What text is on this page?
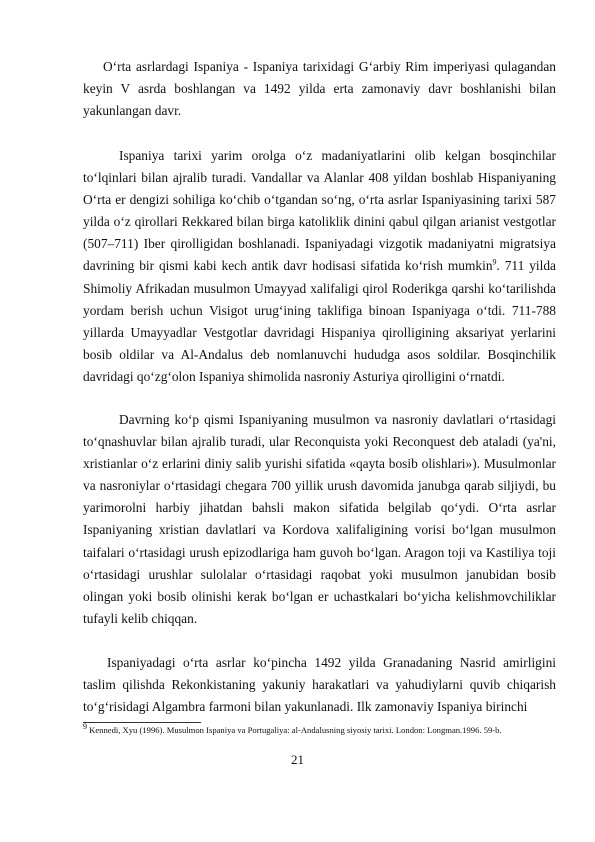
O‘rta asrlardagi Ispaniya - Ispaniya tarixidagi G‘arbiy Rim imperiyasi qulagandan keyin V asrda boshlangan va 1492 yilda erta zamonaviy davr boshlanishi bilan yakunlangan davr.

Ispaniya tarixi yarim orolga o‘z madaniyatlarini olib kelgan bosqinchilar to‘lqinlari bilan ajralib turadi. Vandallar va Alanlar 408 yildan boshlab Hispaniyaning O‘rta er dengizi sohiliga ko‘chib o‘tgandan so‘ng, o‘rta asrlar Ispaniyasining tarixi 587 yilda o‘z qirollari Rekkared bilan birga katoliklik dinini qabul qilgan arianist vestgotlar (507–711) Iber qirolligidan boshlanadi. Ispaniyadagi vizgotik madaniyatni migratsiya davrining bir qismi kabi kech antik davr hodisasi sifatida ko‘rish mumkin$^9$. 711 yilda Shimoliy Afrikadan musulmon Umayyad xalifaligi qirol Roderikga qarshi ko‘tarilishda yordam berish uchun Visigot urug‘ining taklifiga binoan Ispaniyaga o‘tdi. 711-788 yillarda Umayyadlar Vestgotlar davridagi Hispaniya qirolligining aksariyat yerlarini bosib oldilar va Al-Andalus deb nomlanuvchi hududga asos soldilar. Bosqinchilik davridagi qo‘zg‘olon Ispaniya shimolida nasroniy Asturiya qirolligini o‘rnatdi.

Davrning ko‘p qismi Ispaniyaning musulmon va nasroniy davlatlari o‘rtasidagi to‘qnashuvlar bilan ajralib turadi, ular Reconquista yoki Reconquest deb ataladi (ya'ni, xristianlar o‘z erlarini diniy salib yurishi sifatida «qayta bosib olishlari»). Musulmonlar va nasroniylar o‘rtasidagi chegara 700 yillik urush davomida janubga qarab siljiydi, bu yarimorolni harbiy jihatdan bahsli makon sifatida belgilab qo‘ydi. O‘rta asrlar Ispaniyaning xristian davlatlari va Kordova xalifaligining vorisi bo‘lgan musulmon taifalari o‘rtasidagi urush epizodlariga ham guvoh bo‘lgan. Aragon toji va Kastiliya toji o‘rtasidagi urushlar sulolalar o‘rtasidagi raqobat yoki musulmon janubidan bosib olingan yoki bosib olinishi kerak bo‘lgan er uchastkalari bo‘yicha kelishmovchiliklar tufayli kelib chiqqan.

Ispaniyadagi o‘rta asrlar ko‘pincha 1492 yilda Granadaning Nasrid amirligini taslim qilishda Rekonkistaning yakuniy harakatlari va yahudiylarni quvib chiqarish to‘g‘risidagi Algambra farmoni bilan yakunlanadi. Ilk zamonaviy Ispaniya birinchi

9 Kennedi, Xyu (1996). Musulmon Ispaniya va Portugaliya: al-Andalusning siyosiy tarixi. London: Longman.1996. 59-b.

21
